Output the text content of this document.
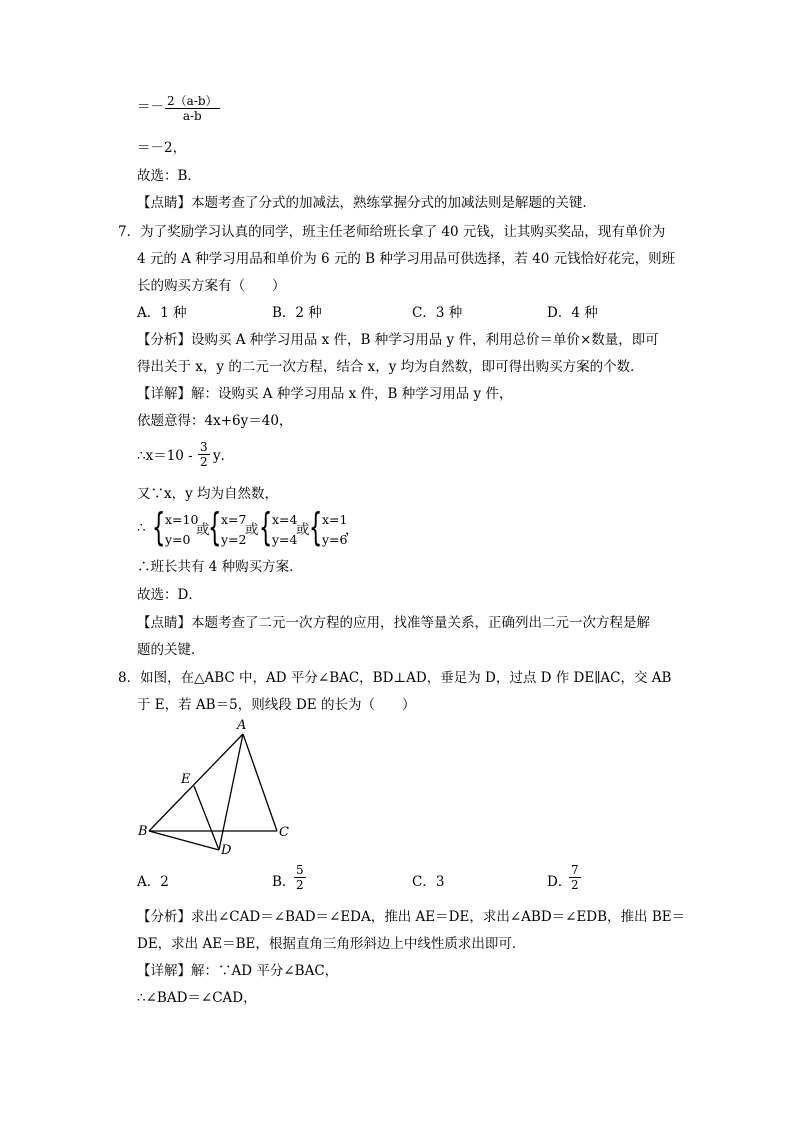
＝－ $\frac{2(a-b)}{a-b}$
＝－2，
故选：B．
【点睛】本题考查了分式的加减法，熟练掌握分式的加减法则是解题的关键．
7．为了奖励学习认真的同学，班主任老师给班长拿了 40 元钱，让其购买奖品，现有单价为
4 元的 A 种学习用品和单价为 6 元的 B 种学习用品可供选择，若 40 元钱恰好花完，则班
长的购买方案有（　　）
A．1 种	B．2 种	C．3 种	D．4 种
【分析】设购买 A 种学习用品 x 件，B 种学习用品 y 件，利用总价＝单价×数量，即可
得出关于 x，y 的二元一次方程，结合 x，y 均为自然数，即可得出购买方案的个数．
【详解】解：设购买 A 种学习用品 x 件，B 种学习用品 y 件，
依题意得：4x+6y＝40，
∴x＝10 - $\frac{3}{2}$ y．
又∵x，y 均为自然数，
∴ { x=10
y=0
或
{ x=7
y=2
或 { x=4
y=4
或 { x=1
y=6
，
∴班长共有 4 种购买方案．
故选：D．
【点睛】本题考查了二元一次方程的应用，找准等量关系，正确列出二元一次方程是解
题的关键．
8．如图，在△ABC 中，AD 平分∠BAC，BD⊥AD，垂足为 D，过点 D 作 DE∥AC，交 AB
于 E，若 AB＝5，则线段 DE 的长为（　　）
A
B	C
D
E
A．2	B．
$\frac{5}{2}$	C．3	D．
$\frac{7}{2}$
【分析】求出∠CAD＝∠BAD＝∠EDA，推出 AE＝DE，求出∠ABD＝∠EDB，推出 BE＝
DE，求出 AE＝BE，根据直角三角形斜边上中线性质求出即可．
【详解】解：∵AD 平分∠BAC，
∴∠BAD＝∠CAD，
